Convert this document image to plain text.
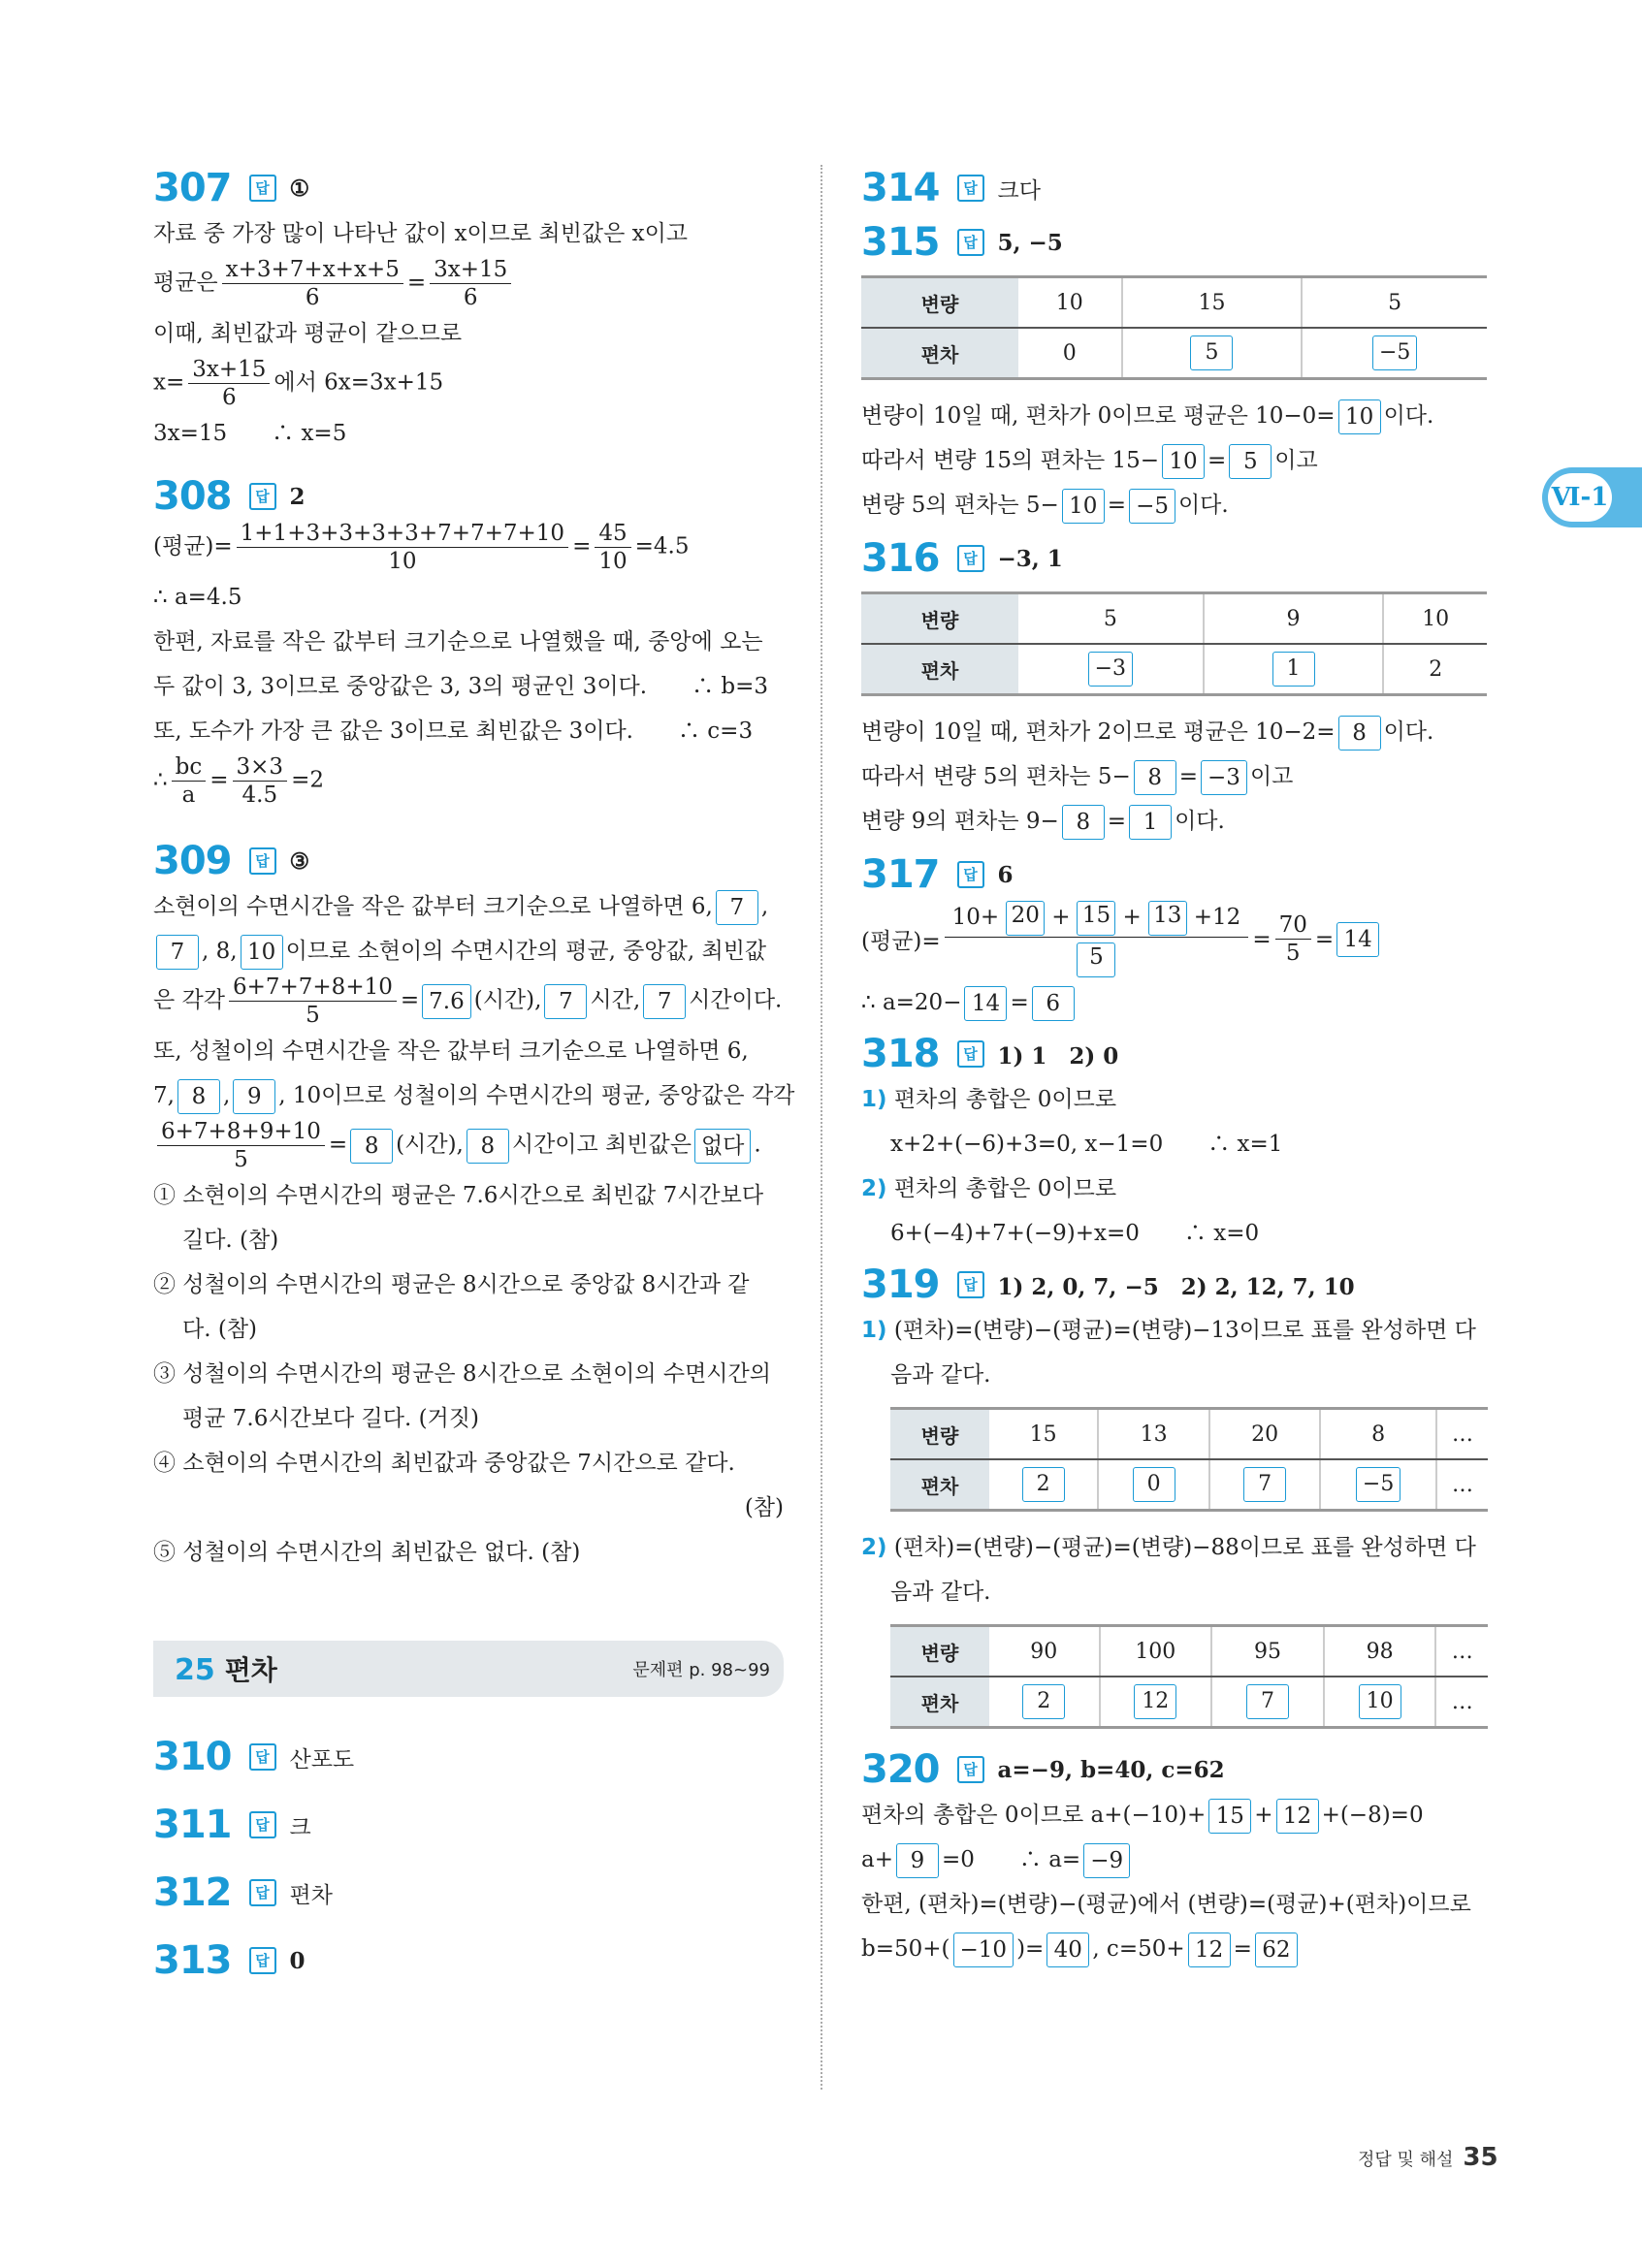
Ⅵ-1
307	답 ①
자료 중 가장 많이 나타난 값이 x이므로 최빈값은 x이고
평균은 $\frac{x+3+7+x+x+5}{6} = \frac{3x+15}{6}$
이때, 최빈값과 평균이 같으므로
$x= \frac{3x+15}{6}$ 에서 6x=3x+15
3x=15　　∴ x=5
308	답 2
(평균)= $\frac{1+1+3+3+3+3+7+7+7+10}{10} = \frac{45}{10} =4.5$
∴ a=4.5
한편, 자료를 작은 값부터 크기순으로 나열했을 때, 중앙에 오는
두 값이 3, 3이므로 중앙값은 3, 3의 평균인 3이다.　　∴ b=3
또, 도수가 가장 큰 값은 3이므로 최빈값은 3이다.　　∴ c=3
∴ $\frac{bc}{a} = \frac{3\times 3}{4.5} =2$
309	답 ③
소현이의 수면시간을 작은 값부터 크기순으로 나열하면 6, 7 ,
7 , 8, 10 이므로 소현이의 수면시간의 평균, 중앙값, 최빈값
은 각각 $\frac{6+7+7+8+10}{5} = 7.6$ (시간), 7 시간, 7 시간이다.
또, 성철이의 수면시간을 작은 값부터 크기순으로 나열하면 6,
7, 8 , 9 , 10이므로 성철이의 수면시간의 평균, 중앙값은 각각
$\frac{6+7+8+9+10}{5} = 8$ (시간), 8 시간이고 최빈값은 없다 .
① 소현이의 수면시간의 평균은 7.6시간으로 최빈값 7시간보다
길다. (참)
② 성철이의 수면시간의 평균은 8시간으로 중앙값 8시간과 같
다. (참)
③ 성철이의 수면시간의 평균은 8시간으로 소현이의 수면시간의
평균 7.6시간보다 길다. (거짓)
④ 소현이의 수면시간의 최빈값과 중앙값은 7시간으로 같다.
(참)
⑤ 성철이의 수면시간의 최빈값은 없다. (참)
25 편차	문제편 p. 98~99
310	답 산포도
311	답 크
312	답 편차
313	답 0
314	답 크다
315	답 5, −5
변량	10	15	5
편차	0	5	−5
변량이 10일 때, 편차가 0이므로 평균은 10−0= 10 이다.
따라서 변량 15의 편차는 15− 10 = 5 이고
변량 5의 편차는 5− 10 = −5 이다.
316	답 −3, 1
변량	5	9	10
편차	−3	1	2
변량이 10일 때, 편차가 2이므로 평균은 10−2= 8 이다.
따라서 변량 5의 편차는 5− 8 = −3 이고
변량 9의 편차는 9− 8 = 1 이다.
317	답 6
(평균)= $\frac{10+ 20 + 15 + 13 +12}{5} = \frac{70}{5} = 14$
∴ a=20− 14 = 6
318	답 1) 1　2) 0
1) 편차의 총합은 0이므로
x+2+(−6)+3=0, x−1=0　　∴ x=1
2) 편차의 총합은 0이므로
6+(−4)+7+(−9)+x=0　　∴ x=0
319	답 1) 2, 0, 7, −5　2) 2, 12, 7, 10
1) (편차)=(변량)−(평균)=(변량)−13이므로 표를 완성하면 다
음과 같다.
변량	15	13	20	8	…
편차	2	0	7	−5	…
2) (편차)=(변량)−(평균)=(변량)−88이므로 표를 완성하면 다
음과 같다.
변량	90	100	95	98	…
편차	2	12	7	10	…
320	답 a=−9, b=40, c=62
편차의 총합은 0이므로 a+(−10)+ 15 + 12 +(−8)=0
a+ 9 =0　　∴ a= −9
한편, (편차)=(변량)−(평균)에서 (변량)=(평균)+(편차)이므로
b=50+( −10 )= 40 , c=50+ 12 = 62
정답 및 해설 35
